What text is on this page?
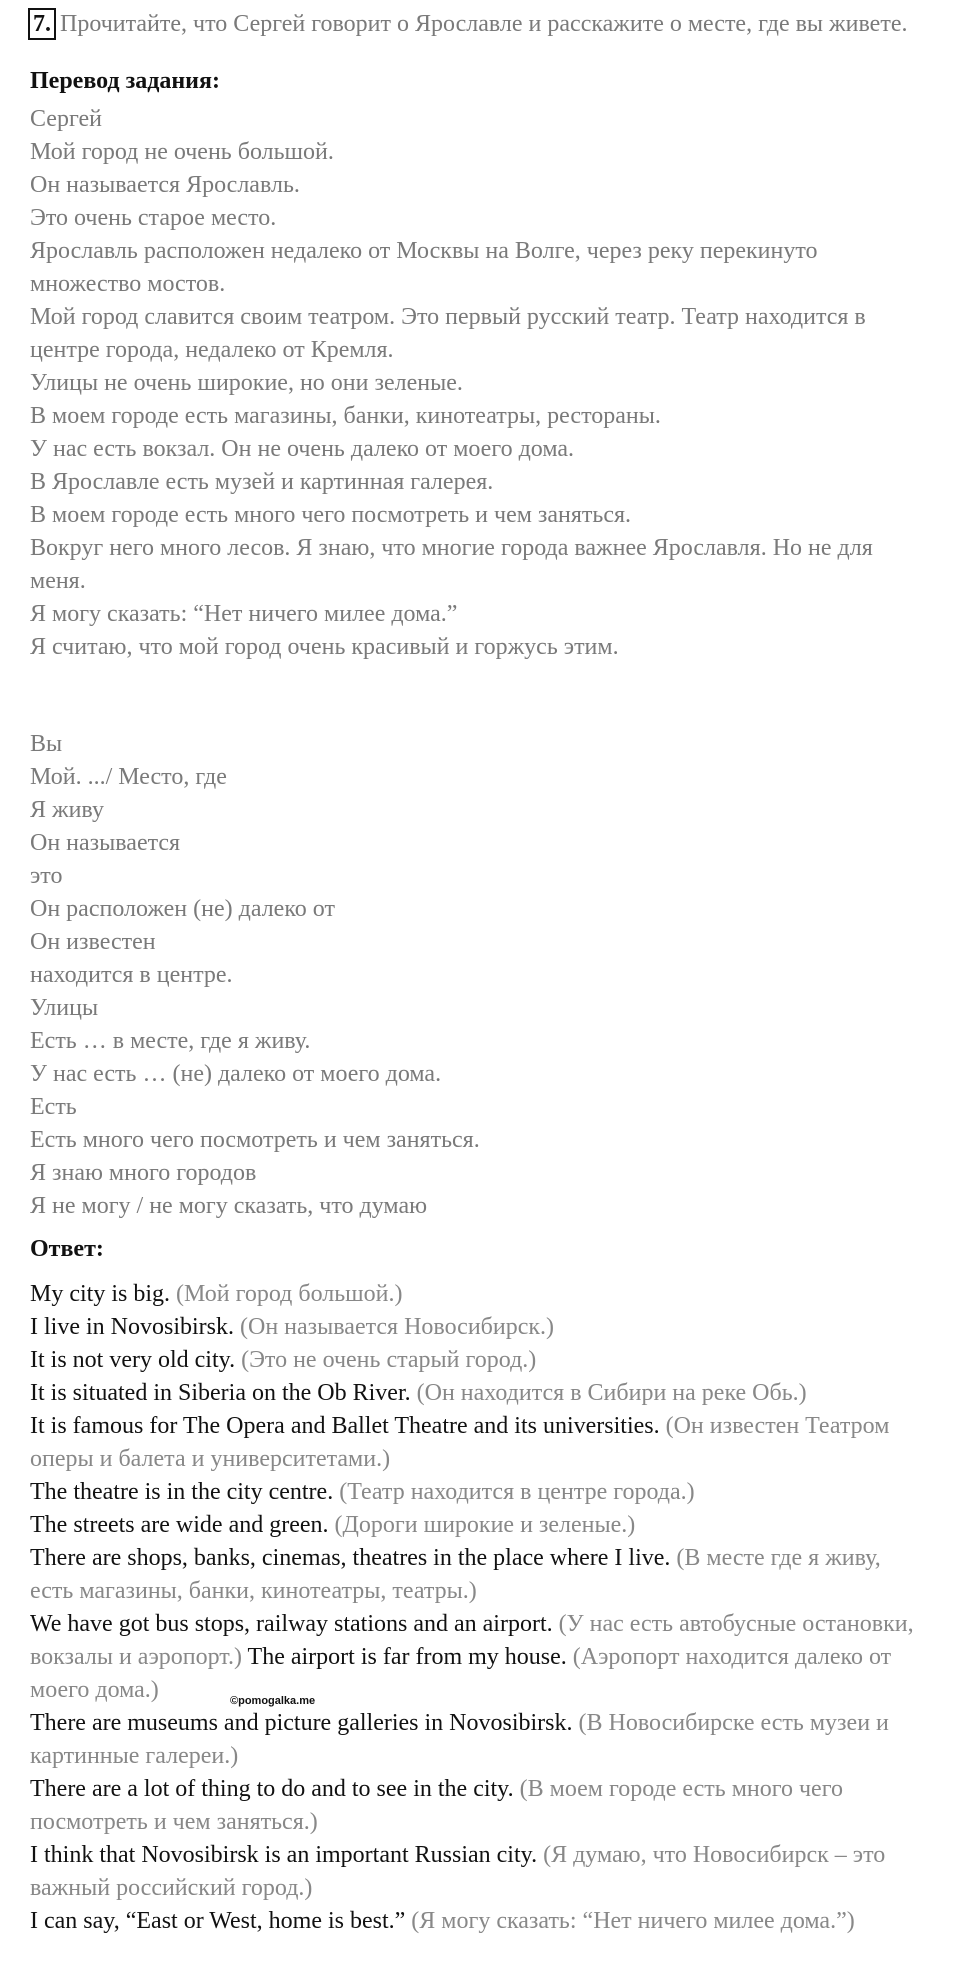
7. Прочитайте, что Сергей говорит о Ярославле и расскажите о месте, где вы живете.
Перевод задания:
Сергей
Мой город не очень большой.
Он называется Ярославль.
Это очень старое место.
Ярославль расположен недалеко от Москвы на Волге, через реку перекинуто множество мостов.
Мой город славится своим театром. Это первый русский театр. Театр находится в центре города, недалеко от Кремля.
Улицы не очень широкие, но они зеленые.
В моем городе есть магазины, банки, кинотеатры, рестораны.
У нас есть вокзал. Он не очень далеко от моего дома.
В Ярославле есть музей и картинная галерея.
В моем городе есть много чего посмотреть и чем заняться.
Вокруг него много лесов. Я знаю, что многие города важнее Ярославля. Но не для меня.
Я могу сказать: “Нет ничего милее дома.”
Я считаю, что мой город очень красивый и горжусь этим.
Вы
Мой. .../ Место, где
Я живу
Он называется
это
Он расположен (не) далеко от
Он известен
находится в центре.
Улицы
Есть … в месте, где я живу.
У нас есть … (не) далеко от моего дома.
Есть
Есть много чего посмотреть и чем заняться.
Я знаю много городов
Я не могу / не могу сказать, что думаю
Ответ:
My city is big. (Мой город большой.)
I live in Novosibirsk. (Он называется Новосибирск.)
It is not very old city. (Это не очень старый город.)
It is situated in Siberia on the Ob River. (Он находится в Сибири на реке Обь.)
It is famous for The Opera and Ballet Theatre and its universities. (Он известен Театром оперы и балета и университетами.)
The theatre is in the city centre. (Театр находится в центре города.)
The streets are wide and green. (Дороги широкие и зеленые.)
There are shops, banks, cinemas, theatres in the place where I live. (В месте где я живу, есть магазины, банки, кинотеатры, театры.)
We have got bus stops, railway stations and an airport. (У нас есть автобусные остановки, вокзалы и аэропорт.) The airport is far from my house. (Аэропорт находится далеко от моего дома.)
There are museums and picture galleries in Novosibirsk. (В Новосибирске есть музеи и картинные галереи.)
There are a lot of thing to do and to see in the city. (В моем городе есть много чего посмотреть и чем заняться.)
I think that Novosibirsk is an important Russian city. (Я думаю, что Новосибирск – это важный российский город.)
I can say, “East or West, home is best.” (Я могу сказать: “Нет ничего милее дома.”)
©pomogalka.me
